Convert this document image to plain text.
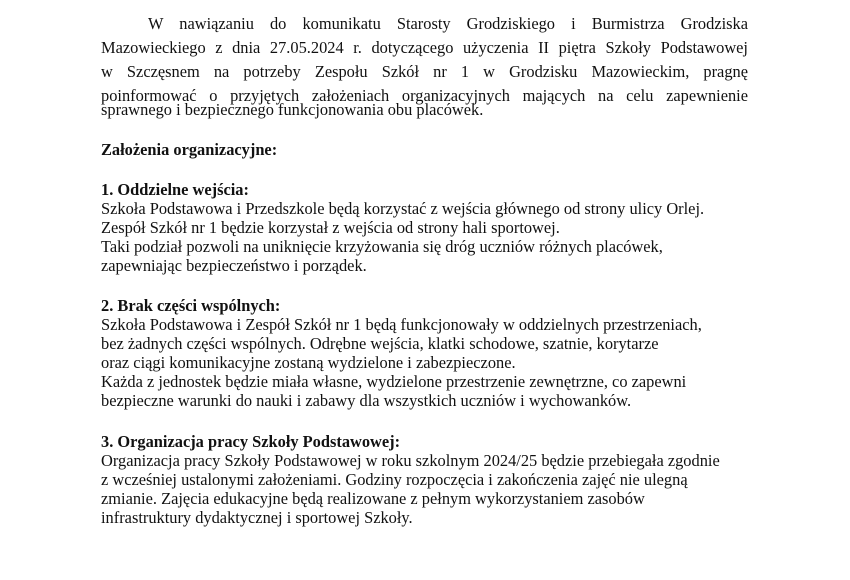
W nawiązaniu do komunikatu Starosty Grodziskiego i Burmistrza Grodziska
Mazowieckiego z dnia 27.05.2024 r. dotyczącego użyczenia II piętra Szkoły Podstawowej
w Szczęsnem na potrzeby Zespołu Szkół nr 1 w Grodzisku Mazowieckim, pragnę
poinformować o przyjętych założeniach organizacyjnych mających na celu zapewnienie
sprawnego i bezpiecznego funkcjonowania obu placówek.
Założenia organizacyjne:
1. Oddzielne wejścia:
Szkoła Podstawowa i Przedszkole będą korzystać z wejścia głównego od strony ulicy Orlej.
Zespół Szkół nr 1 będzie korzystał z wejścia od strony hali sportowej.
Taki podział pozwoli na uniknięcie krzyżowania się dróg uczniów różnych placówek,
zapewniając bezpieczeństwo i porządek.
2. Brak części wspólnych:
Szkoła Podstawowa i Zespół Szkół nr 1 będą funkcjonowały w oddzielnych przestrzeniach,
bez żadnych części wspólnych. Odrębne wejścia, klatki schodowe, szatnie, korytarze
oraz ciągi komunikacyjne zostaną wydzielone i zabezpieczone.
Każda z jednostek będzie miała własne, wydzielone przestrzenie zewnętrzne, co zapewni
bezpieczne warunki do nauki i zabawy dla wszystkich uczniów i wychowanków.
3. Organizacja pracy Szkoły Podstawowej:
Organizacja pracy Szkoły Podstawowej w roku szkolnym 2024/25 będzie przebiegała zgodnie
z wcześniej ustalonymi założeniami. Godziny rozpoczęcia i zakończenia zajęć nie ulegną
zmianie. Zajęcia edukacyjne będą realizowane z pełnym wykorzystaniem zasobów
infrastruktury dydaktycznej i sportowej Szkoły.
